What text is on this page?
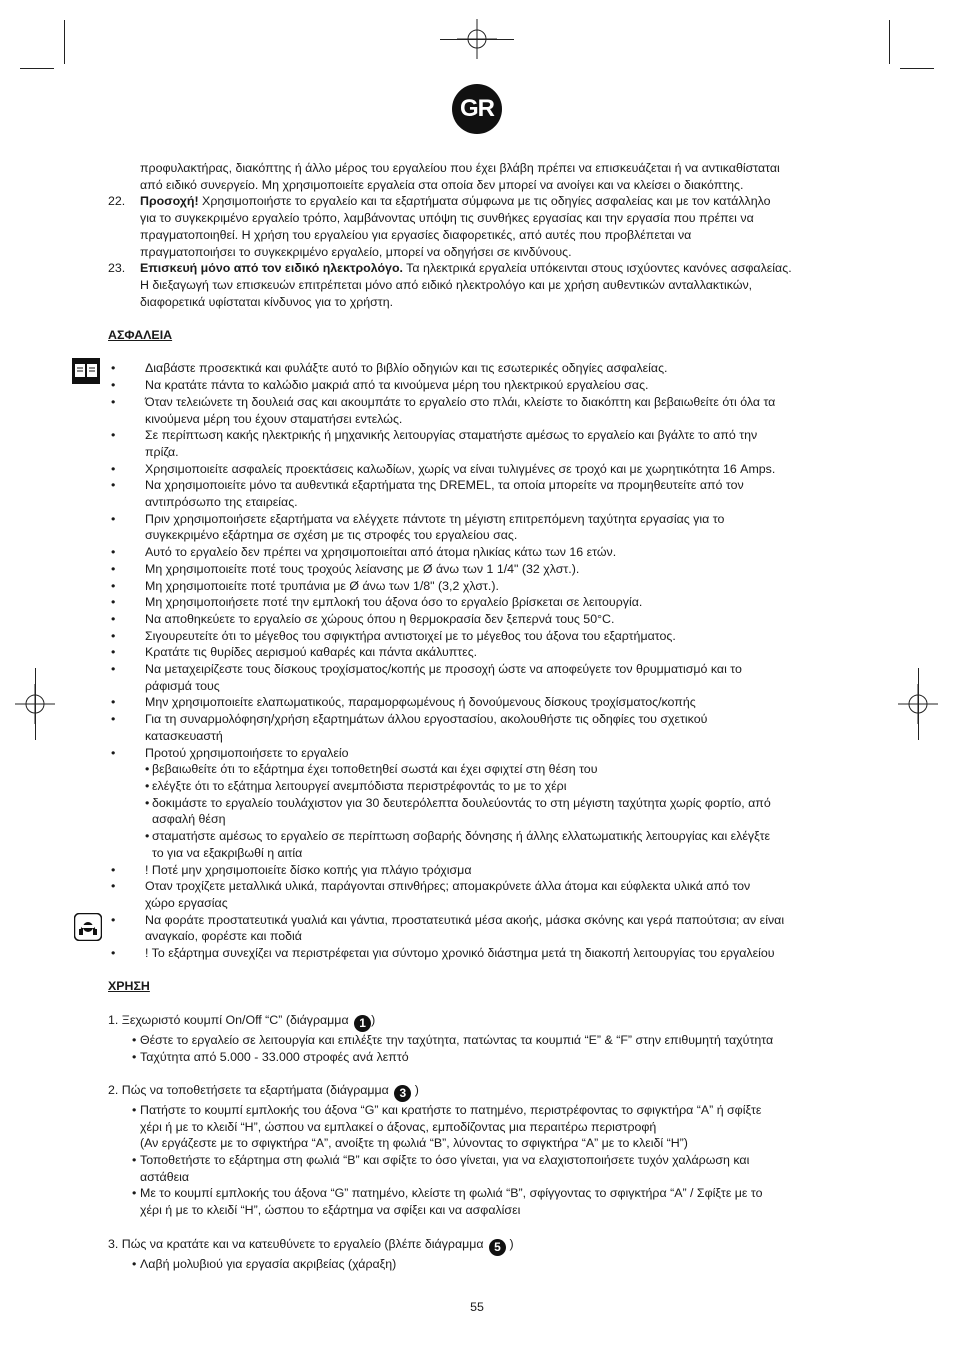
GR

προφυλακτήρας, διακόπτης ή άλλο μέρος του εργαλείου που έχει βλάβη πρέπει να επισκευάζεται ή να αντικαθίσταται

από ειδικό συνεργείο. Μη χρησιμοποιείτε εργαλεία στα οποία δεν μπορεί να ανοίγει και να κλείσει ο διακόπτης.

22.	Προσοχή! Χρησιμοποιήστε το εργαλείο και τα εξαρτήματα σύμφωνα με τις οδηγίες ασφαλείας και με τον κατάλληλο

για το συγκεκριμένο εργαλείο τρόπο, λαμβάνοντας υπόψη τις συνθήκες εργασίας και την εργασία που πρέπει να

πραγματοποιηθεί. Η χρήση του εργαλείου για εργασίες διαφορετικές, από αυτές που προβλέπεται να

πραγματοποιήσει το συγκεκριμένο εργαλείο, μπορεί να οδηγήσει σε κινδύνους.

23.	Επισκευή μόνο από τον ειδικό ηλεκτρολόγο. Τα ηλεκτρικά εργαλεία υπόκεινται στους ισχύοντες κανόνες ασφαλείας.

Η διεξαγωγή των επισκευών επιτρέπεται μόνο από ειδικό ηλεκτρολόγο και με χρήση αυθεντικών ανταλλακτικών,

διαφορετικά υφίσταται κίνδυνος για το χρήστη.

ΑΣΦΑΛΕΙΑ

•	Διαβάστε προσεκτικά και φυλάξτε αυτό το βιβλίο οδηγιών και τις εσωτερικές οδηγίες ασφαλείας.
•	Να κρατάτε πάντα το καλώδιο μακριά από τα κινούμενα μέρη του ηλεκτρικού εργαλείου σας.
•	Όταν τελειώνετε τη δουλειά σας και ακουμπάτε το εργαλείο στο πλάι, κλείστε το διακόπτη και βεβαιωθείτε ότι όλα τα
κινούμενα μέρη του έχουν σταματήσει εντελώς.
•	Σε περίπτωση κακής ηλεκτρικής ή μηχανικής λειτουργίας σταματήστε αμέσως το εργαλείο και βγάλτε το από την
πρίζα.
•	Χρησιμοποιείτε ασφαλείς προεκτάσεις καλωδίων, χωρίς να είναι τυλιγμένες σε τροχό και με χωρητικότητα 16 Amps.
•	Να χρησιμοποιείτε μόνο τα αυθεντικά εξαρτήματα της DREMEL, τα οποία μπορείτε να προμηθευτείτε από τον
αντιπρόσωπο της εταιρείας.
•	Πριν χρησιμοποιήσετε εξαρτήματα να ελέγχετε πάντοτε τη μέγιστη επιτρεπόμενη ταχύτητα εργασίας για το
συγκεκριμένο εξάρτημα σε σχέση με τις στροφές του εργαλείου σας.
•	Αυτό το εργαλείο δεν πρέπει να χρησιμοποιείται από άτομα ηλικίας κάτω των 16 ετών.
•	Μη χρησιμοποιείτε ποτέ τους τροχούς λείανσης με Ø άνω των 1 1/4" (32 χλστ.).
•	Μη χρησιμοποιείτε ποτέ τρυπάνια με Ø άνω των 1/8" (3,2 χλστ.).
•	Μη χρησιμοποιήσετε ποτέ την εμπλοκή του άξονα όσο το εργαλείο βρίσκεται σε λειτουργία.
•	Να αποθηκεύετε το εργαλείο σε χώρους όπου η θερμοκρασία δεν ξεπερνά τους 50°C.
•	Σιγουρευτείτε ότι το μέγεθος του σφιγκτήρα αντιστοιχεί με το μέγεθος του άξονα του εξαρτήματος.
•	Κρατάτε τις θυρίδες αερισμού καθαρές και πάντα ακάλυπτες.
•	Να μεταχειρίζεστε τους δίσκους τροχίσματος/κοπής με προσοχή ώστε να αποφεύγετε τον θρυμματισμό και το
ράφισμά τους
•	Μην χρησιμοποιείτε ελαπωματικούς, παραμορφωμένους ή δονούμενους δίσκους τροχίσματος/κοπής
•	Για τη συναρμολόφηση/χρήση εξαρτημάτων άλλου εργοστασίου, ακολουθήστε τις οδηφίες του σχετικού
κατασκευαστή
•	Προτού χρησιμοποιήσετε το εργαλείο
• βεβαιωθείτε ότι το εξάρτημα έχει τοποθετηθεί σωστά και έχει σφιχτεί στη θέση του
• ελέγξτε ότι το εξάτημα λειτουργεί ανεμπόδιστα περιστρέφοντάς το με το χέρι
• δοκιμάστε το εργαλείο τουλάχιστον για 30 δευτερόλεπτα δουλεύοντάς το στη μέγιστη ταχύτητα χωρίς φορτίο, από
ασφαλή θέση
• σταματήστε αμέσως το εργαλείο σε περίπτωση σοβαρής δόνησης ή άλλης ελλατωματικής λειτουργίας και ελέγξτε
το για να εξακριβωθί η αιτία
•	! Ποτέ μην χρησιμοποιείτε δίσκο κοπής για πλάγιο τρόχισμα
•	Οταν τροχίζετε μεταλλικά υλικά, παράγονται σπινθήρες; απομακρύνετε άλλα άτομα και εύφλεκτα υλικά από τον
χώρο εργασίας
•	Να φοράτε προστατευτικά γυαλιά και γάντια, προστατευτικά μέσα ακοής, μάσκα σκόνης και γερά παπούτσια; αν είναι
αναγκαίο, φορέστε και ποδιά
•	! Το εξάρτημα συνεχίζει να περιστρέφεται για σύντομο χρονικό διάστημα μετά τη διακοπή λειτουργίας του εργαλείου

ΧΡΗΣΗ

1. Ξεχωριστό κουμπί On/Off “C” (διάγραμμα 1 )
• Θέστε το εργαλείο σε λειτουργία και επιλέξτε την ταχύτητα, πατώντας τα κουμπιά “E” & “F” στην επιθυμητή ταχύτητα
• Ταχύτητα από 5.000 - 33.000 στροφές ανά λεπτό
2. Πώς να τοποθετήσετε τα εξαρτήματα (διάγραμμα 3 )
• Πατήστε το κουμπί εμπλοκής του άξονα “G” και κρατήστε το πατημένο, περιστρέφοντας το σφιγκτήρα “A” ή σφίξτε
χέρι ή με το κλειδί “H”, ώσπου να εμπλακεί ο άξονας, εμποδίζοντας μια περαιτέρω περιστροφή
(Αν εργάζεστε με το σφιγκτήρα “A”, ανοίξτε τη φωλιά “B”, λύνοντας το σφιγκτήρα “A” με το κλειδί “H”)
• Τοποθετήστε το εξάρτημα στη φωλιά “B” και σφίξτε το όσο γίνεται, για να ελαχιστοποιήσετε τυχόν χαλάρωση και
αστάθεια
• Με το κουμπί εμπλοκής του άξονα “G” πατημένο, κλείστε τη φωλιά “B”, σφίγγοντας το σφιγκτήρα “A” / Σφίξτε με το
χέρι ή με το κλειδί “H”, ώσπου το εξάρτημα να σφίξει και να ασφαλίσει
3. Πώς να κρατάτε και να κατευθύνετε το εργαλείο (βλέπε διάγραμμα 5 )
• Λαβή μολυβιού για εργασία ακριβείας (χάραξη)
55
